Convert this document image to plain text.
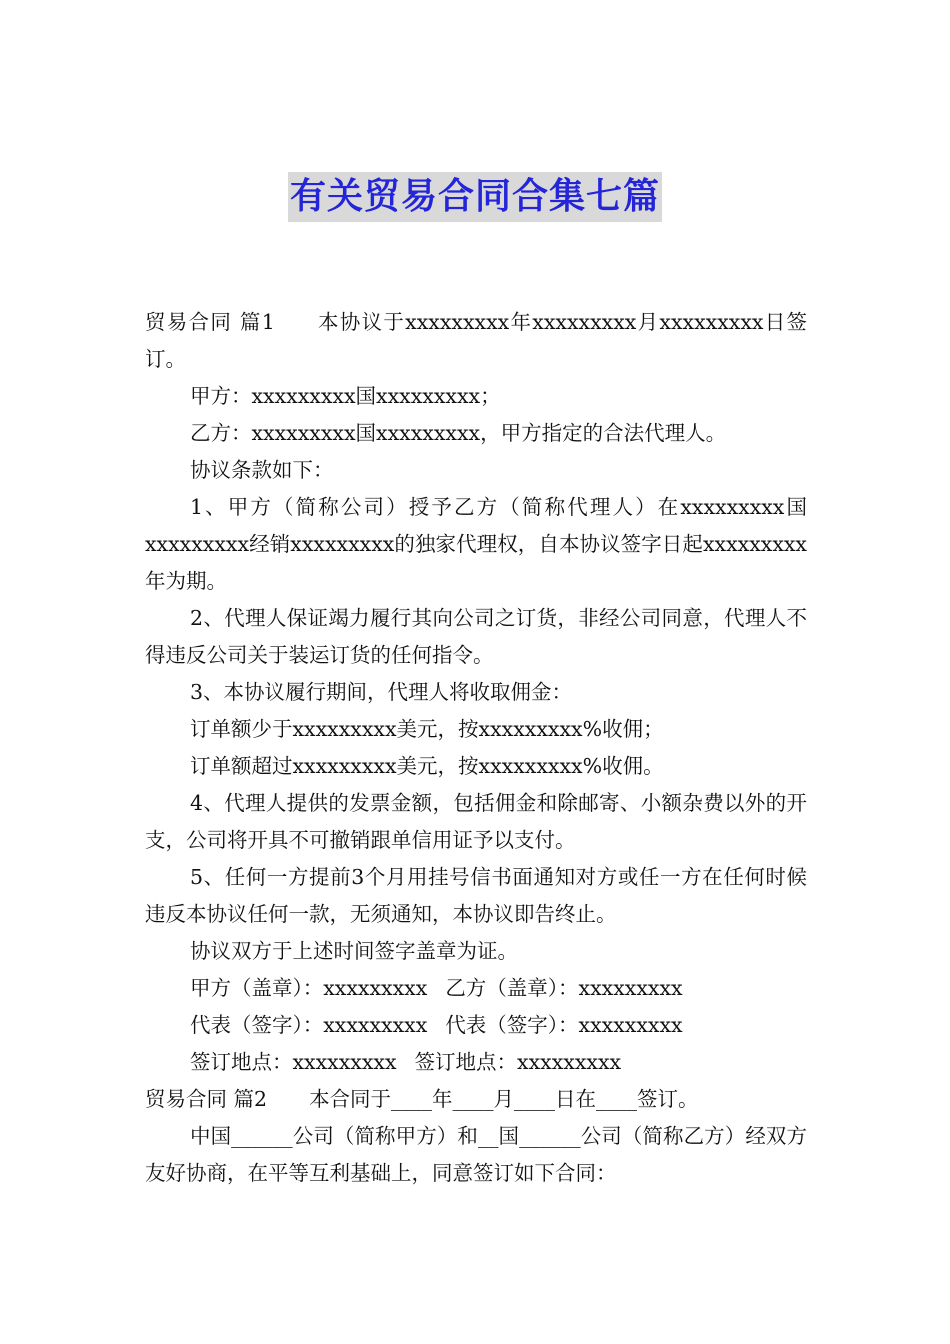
有关贸易合同合集七篇

贸易合同 篇1 本协议于xxxxxxxxx年xxxxxxxxx月xxxxxxxxx日签订。

甲方：xxxxxxxxx国xxxxxxxxx；

乙方：xxxxxxxxx国xxxxxxxxx，甲方指定的合法代理人。

协议条款如下：

1、甲方（简称公司）授予乙方（简称代理人）在xxxxxxxxx国xxxxxxxxx经销xxxxxxxxx的独家代理权，自本协议签字日起xxxxxxxxx年为期。

2、代理人保证竭力履行其向公司之订货，非经公司同意，代理人不得违反公司关于装运订货的任何指令。

3、本协议履行期间，代理人将收取佣金：

订单额少于xxxxxxxxx美元，按xxxxxxxxx%收佣；

订单额超过xxxxxxxxx美元，按xxxxxxxxx%收佣。

4、代理人提供的发票金额，包括佣金和除邮寄、小额杂费以外的开支，公司将开具不可撤销跟单信用证予以支付。

5、任何一方提前3个月用挂号信书面通知对方或任一方在任何时候违反本协议任何一款，无须通知，本协议即告终止。

协议双方于上述时间签字盖章为证。

甲方（盖章）：xxxxxxxxx 乙方（盖章）：xxxxxxxxx

代表（签字）：xxxxxxxxx 代表（签字）：xxxxxxxxx

签订地点：xxxxxxxxx 签订地点：xxxxxxxxx

贸易合同 篇2 本合同于____年____月____日在____签订。

中国______公司（简称甲方）和__国______公司（简称乙方）经双方友好协商，在平等互利基础上，同意签订如下合同：
